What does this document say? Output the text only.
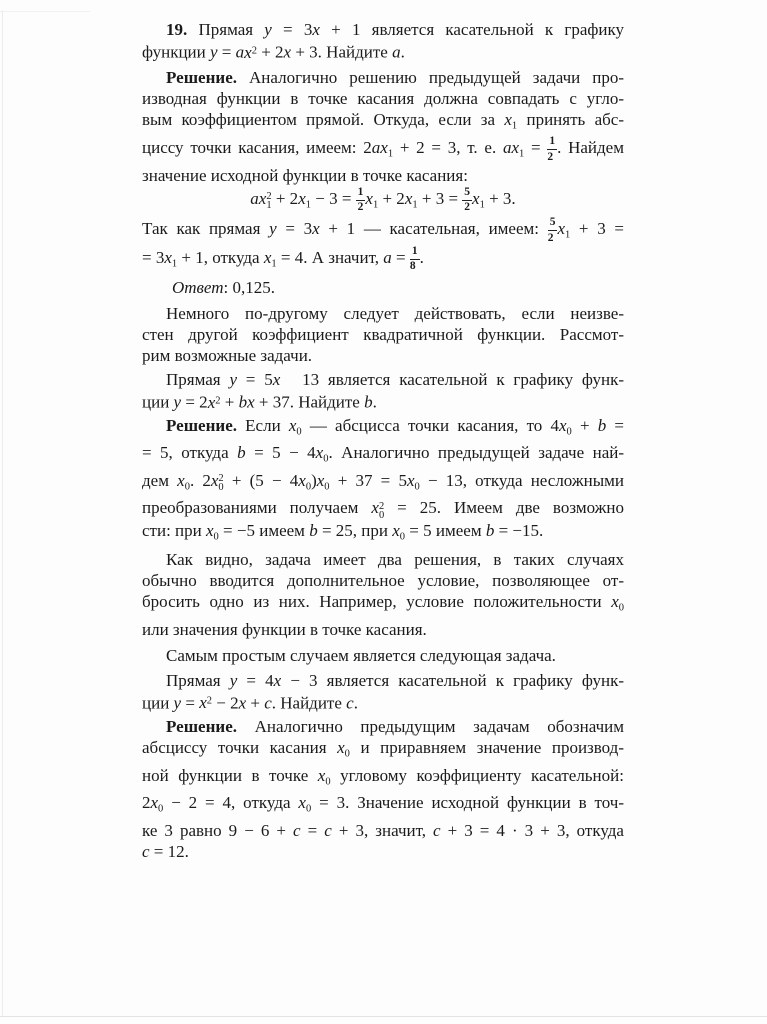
19. Прямая y = 3x + 1 является касательной к графику
функции $y = ax^2 + 2x + 3$. Найдите a.
Решение. Аналогично решению предыдущей задачи про-
изводная функции в точке касания должна совпадать с угло-
вым коэффициентом прямой. Откуда, если за $x_1$ принять абс-
циссу точки касания, имеем: $2ax_1 + 2 = 3$, т. е. $ax_1 = \frac{1}{2}$ . Найдем
значение исходной функции в точке касания:
ax 2
$1 + 2x_1 - 3 = \frac{1}{2} x_1 + 2x_1 + 3 = \frac{5}{2} x_1 + 3$.
Так как прямая y = 3x + 1 — касательная, имеем: $\frac{5}{2} x_1 + 3$ =
= $3x_1 + 1$, откуда $x_1 = 4$. А значит, $a = \frac{1}{8}$ .
Ответ: 0,125.
Немного по-другому следует действовать, если неизве-
стен другой коэффициент квадратичной функции. Рассмот-
рим возможные задачи.
Прямая y = 5x 13 является касательной к графику функ-
ции $y = 2x^2$ + bx + 37. Найдите b.
Решение. Если $x_0$ — абсцисса точки касания, то $4x_0 + b$ =
= 5, откуда $b = 5 - 4x_0$. Аналогично предыдущей задаче най-
дем $x_0$. 2x 2
$0 + (5 - 4x_0)x_0 + 37 = 5x_0 - 13$, откуда несложными
преобразованиями получаем x 2
0 = 25. Имеем две возможно
сти: при $x_0 = -5$ имеем b = 25, при $x_0 = 5$ имеем b = −15.
Как видно, задача имеет два решения, в таких случаях
обычно вводится дополнительное условие, позволяющее от-
бросить одно из них. Например, условие положительности $x_0$
или значения функции в точке касания.
Самым простым случаем является следующая задача.
Прямая y = 4x − 3 является касательной к графику функ-
ции $y = x^2 - 2x + c$. Найдите c.
Решение. Аналогично предыдущим задачам обозначим
абсциссу точки касания $x_0$ и приравняем значение производ-
ной функции в точке $x_0$ угловому коэффициенту касательной:
$2x_0 - 2 = 4$, откуда $x_0 = 3$. Значение исходной функции в точ-
ке 3 равно 9 − 6 + c = c + 3, значит, c + 3 = 4 · 3 + 3, откуда
c = 12.
